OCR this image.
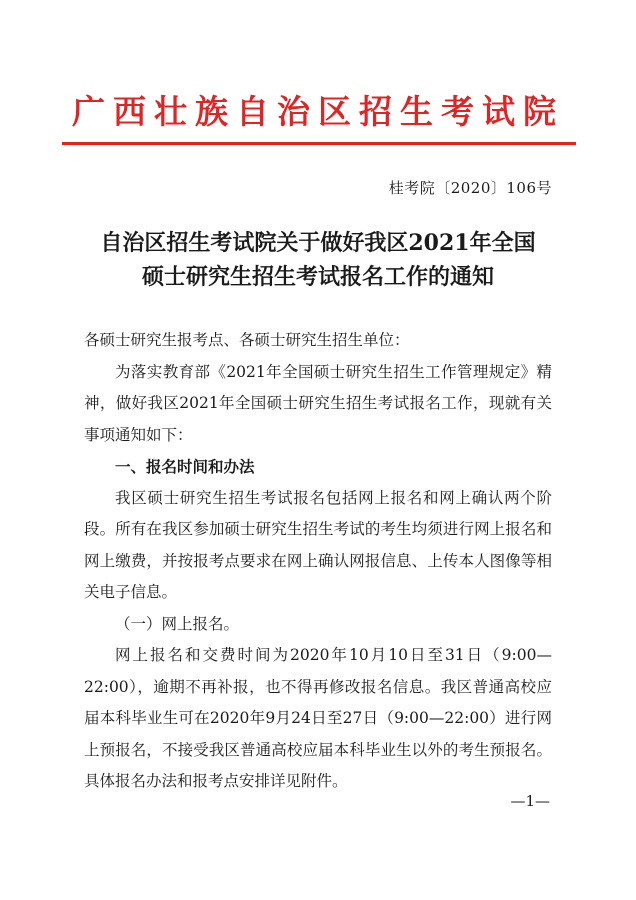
广西壮族自治区招生考试院
桂考院〔2020〕106号
自治区招生考试院关于做好我区2021年全国
硕士研究生招生考试报名工作的通知

各硕士研究生报考点、各硕士研究生招生单位：

为落实教育部《2021年全国硕士研究生招生工作管理规定》精神，做好我区2021年全国硕士研究生招生考试报名工作，现就有关事项通知如下：

一、报名时间和办法

我区硕士研究生招生考试报名包括网上报名和网上确认两个阶段。所有在我区参加硕士研究生招生考试的考生均须进行网上报名和网上缴费，并按报考点要求在网上确认网报信息、上传本人图像等相关电子信息。

（一）网上报名。

网上报名和交费时间为2020年10月10日至31日（9:00—22:00），逾期不再补报，也不得再修改报名信息。我区普通高校应届本科毕业生可在2020年9月24日至27日（9:00—22:00）进行网上预报名，不接受我区普通高校应届本科毕业生以外的考生预报名。具体报名办法和报考点安排详见附件。

—1—
